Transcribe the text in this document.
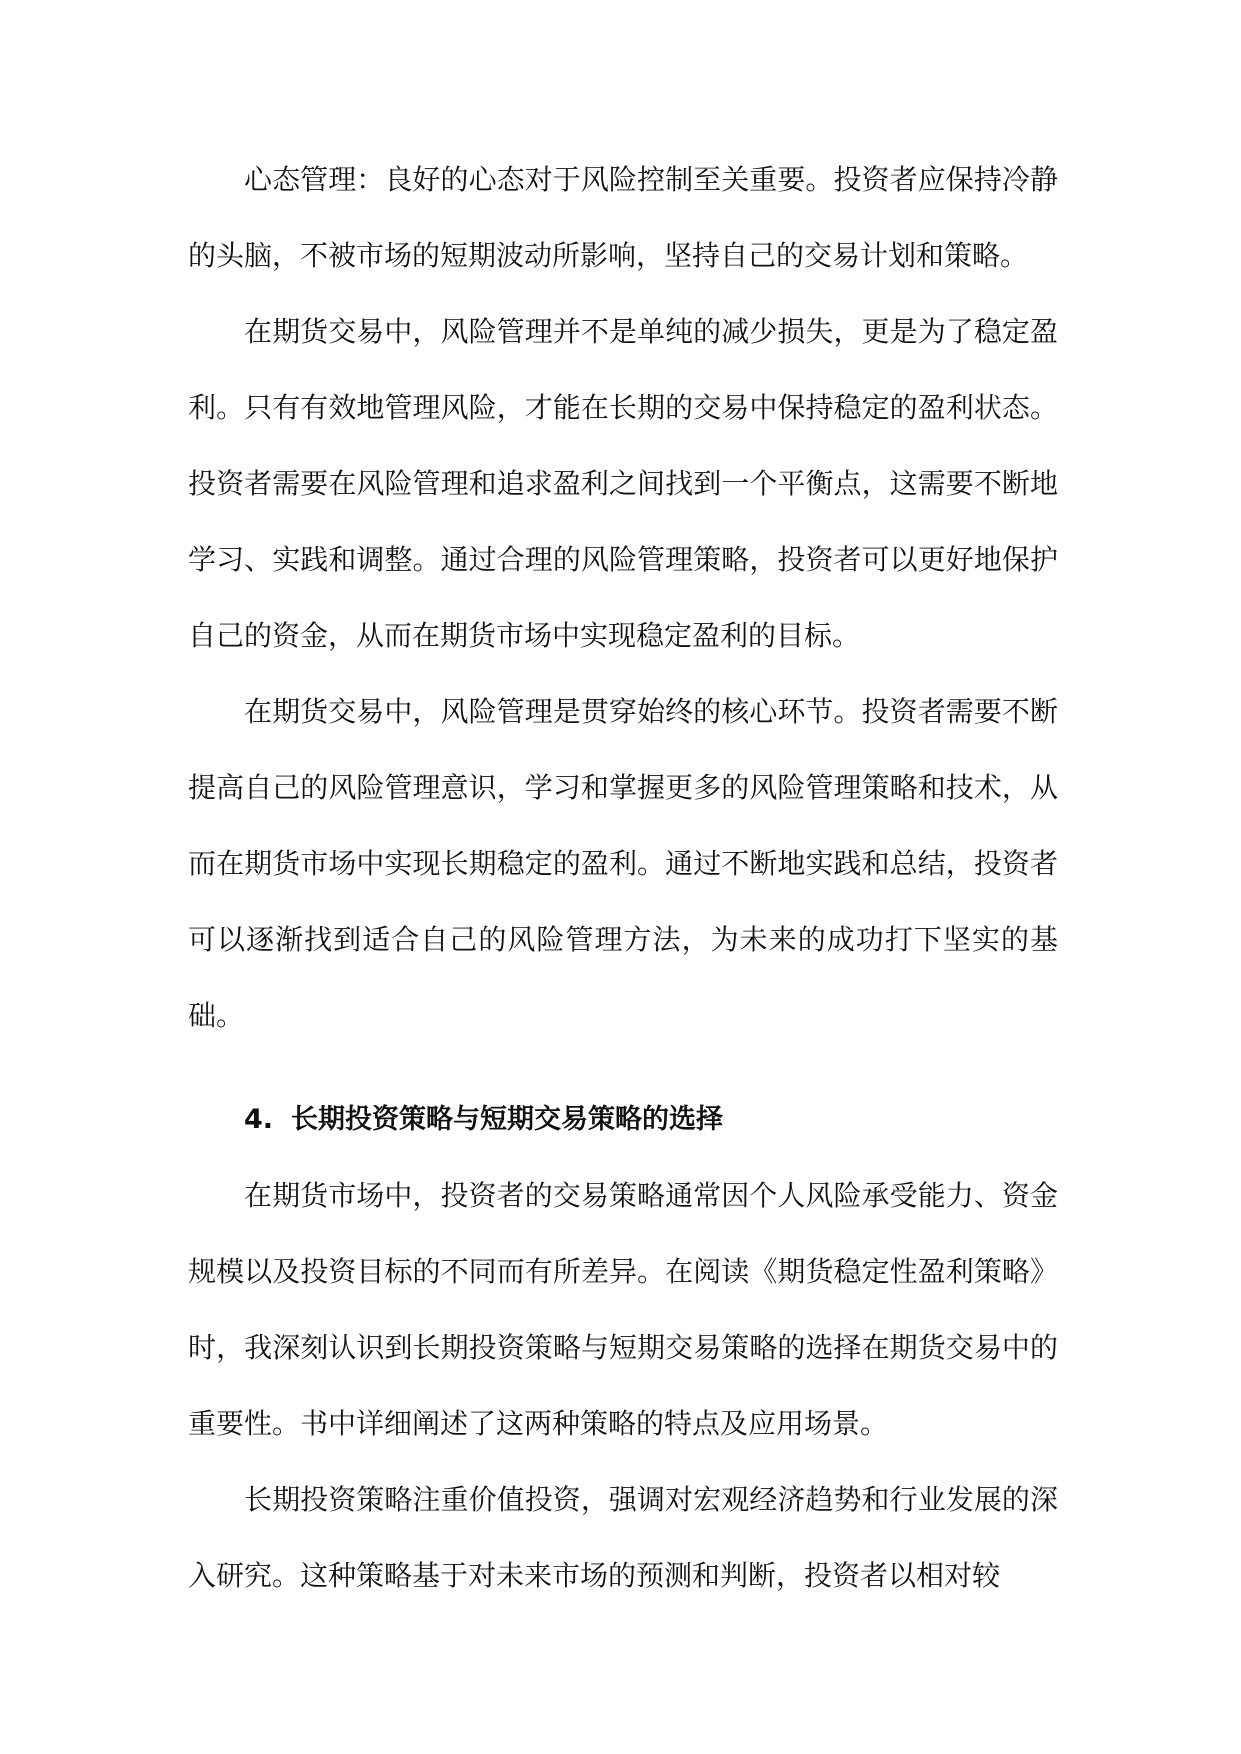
心态管理：良好的心态对于风险控制至关重要。投资者应保持冷静的头脑，不被市场的短期波动所影响，坚持自己的交易计划和策略。

在期货交易中，风险管理并不是单纯的减少损失，更是为了稳定盈利。只有有效地管理风险，才能在长期的交易中保持稳定的盈利状态。投资者需要在风险管理和追求盈利之间找到一个平衡点，这需要不断地学习、实践和调整。通过合理的风险管理策略，投资者可以更好地保护自己的资金，从而在期货市场中实现稳定盈利的目标。

在期货交易中，风险管理是贯穿始终的核心环节。投资者需要不断提高自己的风险管理意识，学习和掌握更多的风险管理策略和技术，从而在期货市场中实现长期稳定的盈利。通过不断地实践和总结，投资者可以逐渐找到适合自己的风险管理方法，为未来的成功打下坚实的基础。

4. 长期投资策略与短期交易策略的选择

在期货市场中，投资者的交易策略通常因个人风险承受能力、资金规模以及投资目标的不同而有所差异。在阅读《期货稳定性盈利策略》时，我深刻认识到长期投资策略与短期交易策略的选择在期货交易中的重要性。书中详细阐述了这两种策略的特点及应用场景。

长期投资策略注重价值投资，强调对宏观经济趋势和行业发展的深入研究。这种策略基于对未来市场的预测和判断，投资者以相对较
